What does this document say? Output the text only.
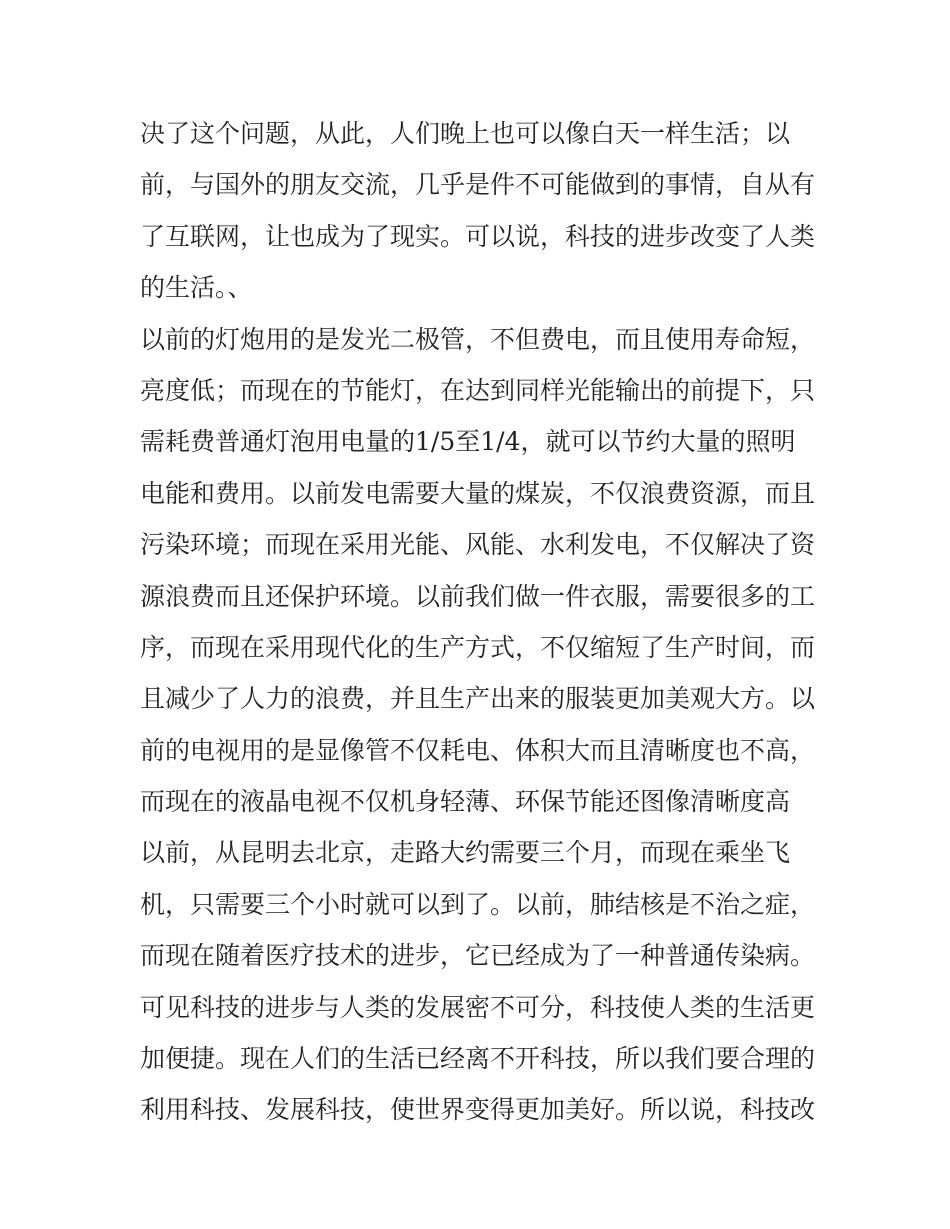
决了这个问题，从此，人们晚上也可以像白天一样生活；以
前，与国外的朋友交流，几乎是件不可能做到的事情，自从有
了互联网，让也成为了现实。可以说，科技的进步改变了人类
的生活。、
以前的灯炮用的是发光二极管，不但费电，而且使用寿命短，
亮度低；而现在的节能灯，在达到同样光能输出的前提下，只
需耗费普通灯泡用电量的1/5至1/4，就可以节约大量的照明
电能和费用。以前发电需要大量的煤炭，不仅浪费资源，而且
污染环境；而现在采用光能、风能、水利发电，不仅解决了资
源浪费而且还保护环境。以前我们做一件衣服，需要很多的工
序，而现在采用现代化的生产方式，不仅缩短了生产时间，而
且减少了人力的浪费，并且生产出来的服装更加美观大方。以
前的电视用的是显像管不仅耗电、体积大而且清晰度也不高，
而现在的液晶电视不仅机身轻薄、环保节能还图像清晰度高
以前，从昆明去北京，走路大约需要三个月，而现在乘坐飞
机，只需要三个小时就可以到了。以前，肺结核是不治之症，
而现在随着医疗技术的进步，它已经成为了一种普通传染病。
可见科技的进步与人类的发展密不可分，科技使人类的生活更
加便捷。现在人们的生活已经离不开科技，所以我们要合理的
利用科技、发展科技，使世界变得更加美好。所以说，科技改
